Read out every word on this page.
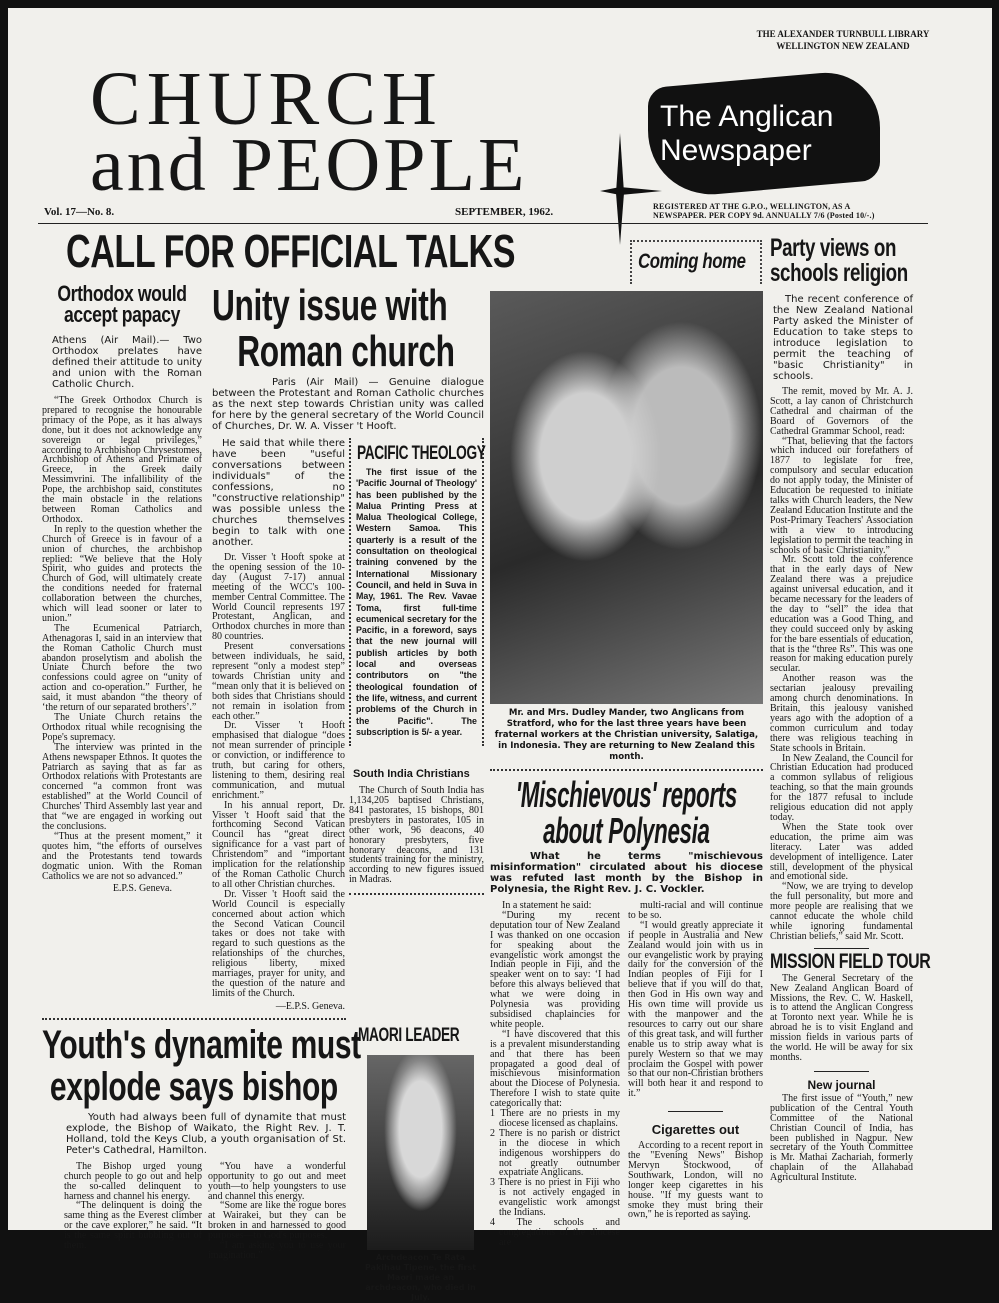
THE ALEXANDER TURNBULL LIBRARY
WELLINGTON NEW ZEALAND
CHURCH
and PEOPLE
The Anglican
Newspaper
Vol. 17—No. 8.	SEPTEMBER, 1962.	REGISTERED AT THE G.P.O., WELLINGTON, AS A
NEWSPAPER. PER COPY 9d. ANNUALLY 7/6 (Posted 10/-.)
CALL FOR OFFICIAL TALKS	Coming home
Orthodox would
accept papacy
Athens (Air Mail).— Two Orthodox prelates have defined their attitude to unity and union with the Roman Catholic Church.

“The Greek Orthodox Church is prepared to recognise the honourable primacy of the Pope, as it has always done, but it does not acknowledge any sovereign or legal privileges,” according to Archbishop Chrysestomes, Archbishop of Athens and Primate of Greece, in the Greek daily Messimvrini. The infallibility of the Pope, the archbishop said, constitutes the main obstacle in the relations between Roman Catholics and Orthodox.

In reply to the question whether the Church of Greece is in favour of a union of churches, the archbishop replied: “We believe that the Holy Spirit, who guides and protects the Church of God, will ultimately create the conditions needed for fraternal collaboration between the churches, which will lead sooner or later to union.”

The Ecumenical Patriarch, Athenagoras I, said in an interview that the Roman Catholic Church must abandon proselytism and abolish the Uniate Church before the two confessions could agree on “unity of action and co-operation.” Further, he said, it must abandon “the theory of ‘the return of our separated brothers’.”

The Uniate Church retains the Orthodox ritual while recognising the Pope's supremacy.

The interview was printed in the Athens newspaper Ethnos. It quotes the Patriarch as saying that as far as Orthodox relations with Protestants are concerned “a common front was established” at the World Council of Churches' Third Assembly last year and that “we are engaged in working out the conclusions.

“Thus at the present moment,” it quotes him, “the efforts of ourselves and the Protestants tend towards dogmatic union. With the Roman Catholics we are not so advanced.”

E.P.S. Geneva.
Unity issue with
Roman church
Paris (Air Mail) — Genuine dialogue between the Protestant and Roman Catholic churches as the next step towards Christian unity was called for here by the general secretary of the World Council of Churches, Dr. W. A. Visser 't Hooft.
He said that while there have been "useful conversations between individuals" of the confessions, no "constructive relationship" was possible unless the churches themselves begin to talk with one another.

Dr. Visser 't Hooft spoke at the opening session of the 10-day (August 7-17) annual meeting of the WCC's 100-member Central Committee. The World Council represents 197 Protestant, Anglican, and Orthodox churches in more than 80 countries.

Present conversations between individuals, he said, represent “only a modest step” towards Christian unity and “mean only that it is believed on both sides that Christians should not remain in isolation from each other.”

Dr. Visser 't Hooft emphasised that dialogue “does not mean surrender of principle or conviction, or indifference to truth, but caring for others, listening to them, desiring real communication, and mutual enrichment.”

In his annual report, Dr. Visser 't Hooft said that the forthcoming Second Vatican Council has “great direct significance for a vast part of Christendom” and “important implication for the relationship of the Roman Catholic Church to all other Christian churches.

Dr. Visser 't Hooft said the World Council is especially concerned about action which the Second Vatican Council takes or does not take with regard to such questions as the relationships of the churches, religious liberty, mixed marriages, prayer for unity, and the question of the nature and limits of the Church.

—E.P.S. Geneva.
PACIFIC THEOLOGY
The first issue of the 'Pacific Journal of Theology' has been published by the Malua Printing Press at Malua Theological College, Western Samoa. This quarterly is a result of the consultation on theological training convened by the International Missionary Council, and held in Suva in May, 1961. The Rev. Vavae Toma, first full-time ecumenical secretary for the Pacific, in a foreword, says that the new journal will publish articles by both local and overseas contributors on "the theological foundation of the life, witness, and current problems of the Church in the Pacific". The subscription is 5/- a year.
South India Christians
The Church of South India has 1,134,205 baptised Christians, 841 pastorates, 15 bishops, 801 presbyters in pastorates, 105 in other work, 96 deacons, 40 honorary presbyters, five honorary deacons, and 131 students training for the ministry, according to new figures issued in Madras.
Youth's dynamite must
explode says bishop
Youth had always been full of dynamite that must explode, the Bishop of Waikato, the Right Rev. J. T. Holland, told the Keys Club, a youth organisation of St. Peter's Cathedral, Hamilton.

The Bishop urged young church people to go out and help the so-called delinquent to harness and channel his energy.

“The delinquent is doing the same thing as the Everest climber or the cave explorer,” he said. “It is the same spirit bubbling out of them.

“You have a wonderful opportunity to go out and meet youth—to help youngsters to use and channel this energy.

“Some are like the rogue bores at Wairakei, but they can be broken in and harnessed to good purposes—to God's purposes.

“I am asking you to use your imagination.”

MAORI LEADER
Archdeacon Te Rata Pakihau Tipene, the first Maori made an archdeacon, who died in July.
Mr. and Mrs. Dudley Mander, two Anglicans from Stratford, who for the last three years have been fraternal workers at the Christian university, Salatiga, in Indonesia. They are returning to New Zealand this month.
'Mischievous' reports
about Polynesia
What he terms "mischievous misinformation" circulated about his diocese was refuted last month by the Bishop in Polynesia, the Right Rev. J. C. Vockler.

In a statement he said:

“During my recent deputation tour of New Zealand I was thanked on one occasion for speaking about the evangelistic work amongst the Indian people in Fiji, and the speaker went on to say: ‘I had before this always believed that what we were doing in Polynesia was providing subsidised chaplaincies for white people.

“I have discovered that this is a prevalent misunderstanding and that there has been propagated a good deal of mischievous misinformation about the Diocese of Polynesia. Therefore I wish to state quite categorically that:

1 There are no priests in my diocese licensed as chaplains.

2 There is no parish or district in the diocese in which indigenous worshippers do not greatly outnumber expatriate Anglicans.

3 There is no priest in Fiji who is not actively engaged in evangelistic work amongst the Indians.

4 The schools and congregations of the diocese are

multi-racial and will continue to be so.

“I would greatly appreciate it if people in Australia and New Zealand would join with us in our evangelistic work by praying daily for the conversion of the Indian peoples of Fiji for I believe that if you will do that, then God in His own way and His own time will provide us with the manpower and the resources to carry out our share of this great task, and will further enable us to strip away what is purely Western so that we may proclaim the Gospel with power so that our non-Christian brothers will both hear it and respond to it.”

Cigarettes out
According to a recent report in the "Evening News" Bishop Mervyn Stockwood, of Southwark, London, will no longer keep cigarettes in his house. "If my guests want to smoke they must bring their own," he is reported as saying.
Party views on
schools religion
The recent conference of the New Zealand National Party asked the Minister of Education to take steps to introduce legislation to permit the teaching of "basic Christianity" in schools.

The remit, moved by Mr. A. J. Scott, a lay canon of Christchurch Cathedral and chairman of the Board of Governors of the Cathedral Grammar School, read:

“That, believing that the factors which induced our forefathers of 1877 to legislate for free, compulsory and secular education do not apply today, the Minister of Education be requested to initiate talks with Church leaders, the New Zealand Education Institute and the Post-Primary Teachers' Association with a view to introducing legislation to permit the teaching in schools of basic Christianity.”

Mr. Scott told the conference that in the early days of New Zealand there was a prejudice against universal education, and it became necessary for the leaders of the day to “sell” the idea that education was a Good Thing, and they could succeed only by asking for the bare essentials of education, that is the “three Rs”. This was one reason for making education purely secular.

Another reason was the sectarian jealousy prevailing among church denominations. In Britain, this jealousy vanished years ago with the adoption of a common curriculum and today there was religious teaching in State schools in Britain.

In New Zealand, the Council for Christian Education had produced a common syllabus of religious teaching, so that the main grounds for the 1877 refusal to include religious education did not apply today.

When the State took over education, the prime aim was literacy. Later was added development of intelligence. Later still, development of the physical and emotional side.

“Now, we are trying to develop the full personality, but more and more people are realising that we cannot educate the whole child while ignoring fundamental Christian beliefs,” said Mr. Scott.

MISSION FIELD TOUR
The General Secretary of the New Zealand Anglican Board of Missions, the Rev. C. W. Haskell, is to attend the Anglican Congress at Toronto next year. While he is abroad he is to visit England and mission fields in various parts of the world. He will be away for six months.
New journal
The first issue of “Youth,” new publication of the Central Youth Committee of the National Christian Council of India, has been published in Nagpur. New secretary of the Youth Committee is Mr. Mathai Zachariah, formerly chaplain of the Allahabad Agricultural Institute.
